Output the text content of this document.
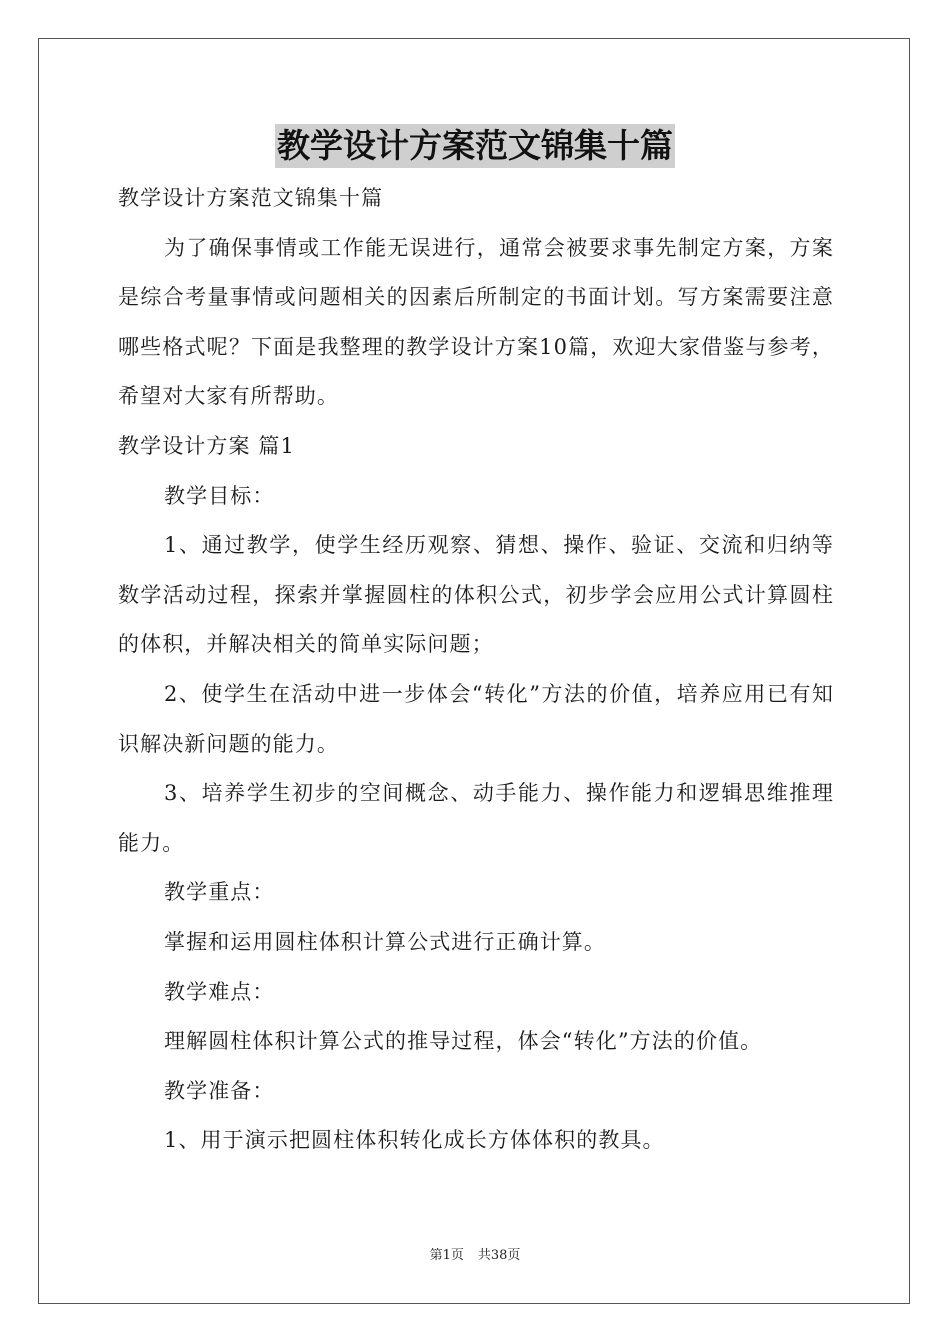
教学设计方案范文锦集十篇
教学设计方案范文锦集十篇
为了确保事情或工作能无误进行，通常会被要求事先制定方案，方案是综合考量事情或问题相关的因素后所制定的书面计划。写方案需要注意哪些格式呢？下面是我整理的教学设计方案10篇，欢迎大家借鉴与参考，希望对大家有所帮助。
教学设计方案 篇1
教学目标：
1、通过教学，使学生经历观察、猜想、操作、验证、交流和归纳等数学活动过程，探索并掌握圆柱的体积公式，初步学会应用公式计算圆柱的体积，并解决相关的简单实际问题；
2、使学生在活动中进一步体会“转化”方法的价值，培养应用已有知识解决新问题的能力。
3、培养学生初步的空间概念、动手能力、操作能力和逻辑思维推理能力。
教学重点：
掌握和运用圆柱体积计算公式进行正确计算。
教学难点：
理解圆柱体积计算公式的推导过程，体会“转化”方法的价值。
教学准备：
1、用于演示把圆柱体积转化成长方体体积的教具。
第1页 共38页
